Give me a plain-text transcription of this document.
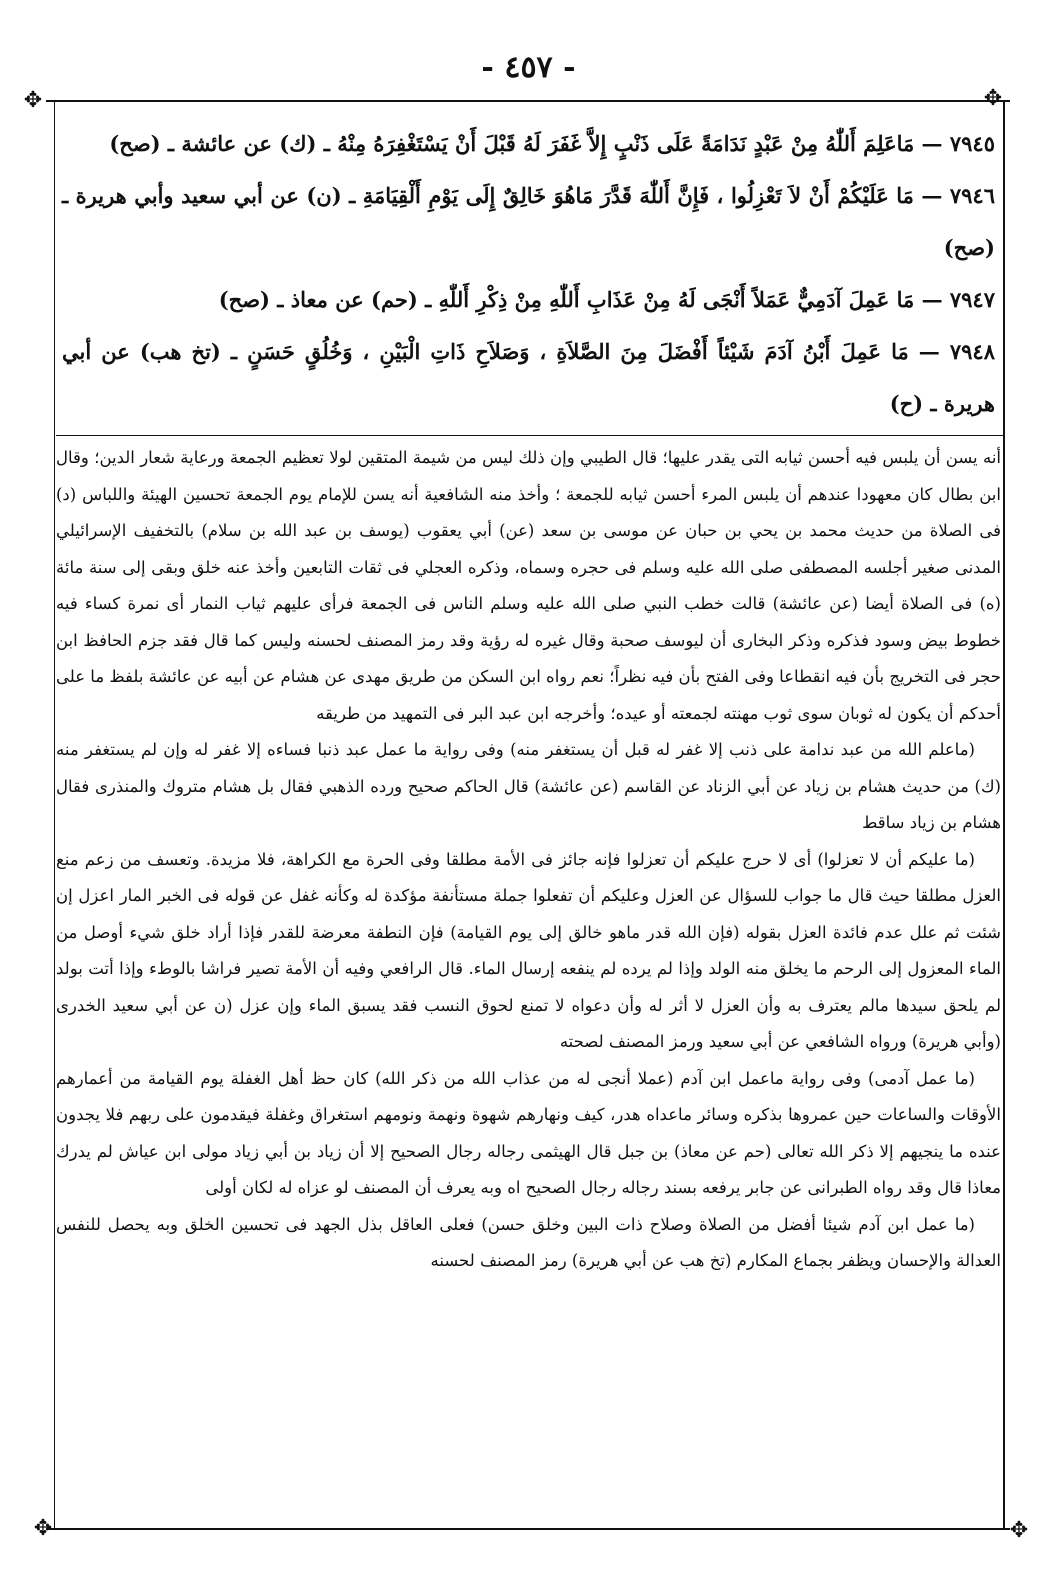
- ٤٥٧ -
✥	✥
✥	✥
٧٩٤٥ — مَاعَلِمَ أَللّٰهُ مِنْ عَبْدٍ نَدَامَةً عَلَى ذَنْبٍ إِلاَّ غَفَرَ لَهُ قَبْلَ أَنْ يَسْتَغْفِرَهُ مِنْهُ ـ (ك) عن عائشة ـ (صح)
٧٩٤٦ — مَا عَلَيْكُمْ أَنْ لاَ تَعْزِلُوا ، فَإِنَّ أَللّٰهَ قَدَّرَ مَاهُوَ خَالِقٌ إِلَى يَوْمِ أَلْقِيَامَةِ ـ (ن) عن أبي سعيد وأبي هريرة ـ (صح)
٧٩٤٧ — مَا عَمِلَ آدَمِيٌّ عَمَلاً أَنْجَى لَهُ مِنْ عَذَابِ أَللّٰهِ مِنْ ذِكْرِ أَللّٰهِ ـ (حم) عن معاذ ـ (صح)
٧٩٤٨ — مَا عَمِلَ أَبْنُ آدَمَ شَيْئاً أَفْضَلَ مِنَ الصَّلاَةِ ، وَصَلاَحِ ذَاتِ الْبَيْنِ ، وَخُلُقٍ حَسَنٍ ـ (تخ هب) عن أبي هريرة ـ (ح)
أنه يسن أن يلبس فيه أحسن ثيابه التى يقدر عليها؛ قال الطيبي وإن ذلك ليس من شيمة المتقين لولا تعظيم الجمعة ورعاية شعار الدين؛ وقال ابن بطال كان معهودا عندهم أن يلبس المرء أحسن ثيابه للجمعة ؛ وأخذ منه الشافعية أنه يسن للإمام يوم الجمعة تحسين الهيئة واللباس (د) فى الصلاة من حديث محمد بن يحي بن حبان عن موسى بن سعد (عن) أبي يعقوب (يوسف بن عبد الله بن سلام) بالتخفيف الإسرائيلي المدنى صغير أجلسه المصطفى صلى الله عليه وسلم فى حجره وسماه، وذكره العجلي فى ثقات التابعين وأخذ عنه خلق وبقى إلى سنة مائة (ه) فى الصلاة أيضا (عن عائشة) قالت خطب النبي صلى الله عليه وسلم الناس فى الجمعة فرأى عليهم ثياب النمار أى نمرة كساء فيه خطوط بيض وسود فذكره وذكر البخارى أن ليوسف صحبة وقال غيره له رؤية وقد رمز المصنف لحسنه وليس كما قال فقد جزم الحافظ ابن حجر فى التخريج بأن فيه انقطاعا وفى الفتح بأن فيه نظراً؛ نعم رواه ابن السكن من طريق مهدى عن هشام عن أبيه عن عائشة بلفظ ما على أحدكم أن يكون له ثوبان سوى ثوب مهنته لجمعته أو عيده؛ وأخرجه ابن عبد البر فى التمهيد من طريقه
(ماعلم الله من عبد ندامة على ذنب إلا غفر له قبل أن يستغفر منه) وفى رواية ما عمل عبد ذنبا فساءه إلا غفر له وإن لم يستغفر منه (ك) من حديث هشام بن زياد عن أبي الزناد عن القاسم (عن عائشة) قال الحاكم صحيح ورده الذهبي فقال بل هشام متروك والمنذرى فقال هشام بن زياد ساقط
(ما عليكم أن لا تعزلوا) أى لا حرج عليكم أن تعزلوا فإنه جائز فى الأمة مطلقا وفى الحرة مع الكراهة، فلا مزيدة. وتعسف من زعم منع العزل مطلقا حيث قال ما جواب للسؤال عن العزل وعليكم أن تفعلوا جملة مستأنفة مؤكدة له وكأنه غفل عن قوله فى الخبر المار اعزل إن شئت ثم علل عدم فائدة العزل بقوله (فإن الله قدر ماهو خالق إلى يوم القيامة) فإن النطفة معرضة للقدر فإذا أراد خلق شيء أوصل من الماء المعزول إلى الرحم ما يخلق منه الولد وإذا لم يرده لم ينفعه إرسال الماء. قال الرافعي وفيه أن الأمة تصير فراشا بالوطء وإذا أتت بولد لم يلحق سيدها مالم يعترف به وأن العزل لا أثر له وأن دعواه لا تمنع لحوق النسب فقد يسبق الماء وإن عزل (ن عن أبي سعيد الخدرى (وأبي هريرة) ورواه الشافعي عن أبي سعيد ورمز المصنف لصحته
(ما عمل آدمى) وفى رواية ماعمل ابن آدم (عملا أنجى له من عذاب الله من ذكر الله) كان حظ أهل الغفلة يوم القيامة من أعمارهم الأوقات والساعات حين عمروها بذكره وسائر ماعداه هدر، كيف ونهارهم شهوة ونهمة ونومهم استغراق وغفلة فيقدمون على ربهم فلا يجدون عنده ما ينجيهم إلا ذكر الله تعالى (حم عن معاذ) بن جبل قال الهيثمى رجاله رجال الصحيح إلا أن زياد بن أبي زياد مولى ابن عياش لم يدرك معاذا قال وقد رواه الطبرانى عن جابر يرفعه بسند رجاله رجال الصحيح اه وبه يعرف أن المصنف لو عزاه له لكان أولى
(ما عمل ابن آدم شيئا أفضل من الصلاة وصلاح ذات البين وخلق حسن) فعلى العاقل بذل الجهد فى تحسين الخلق وبه يحصل للنفس العدالة والإحسان ويظفر بجماع المكارم (تخ هب عن أبي هريرة) رمز المصنف لحسنه
